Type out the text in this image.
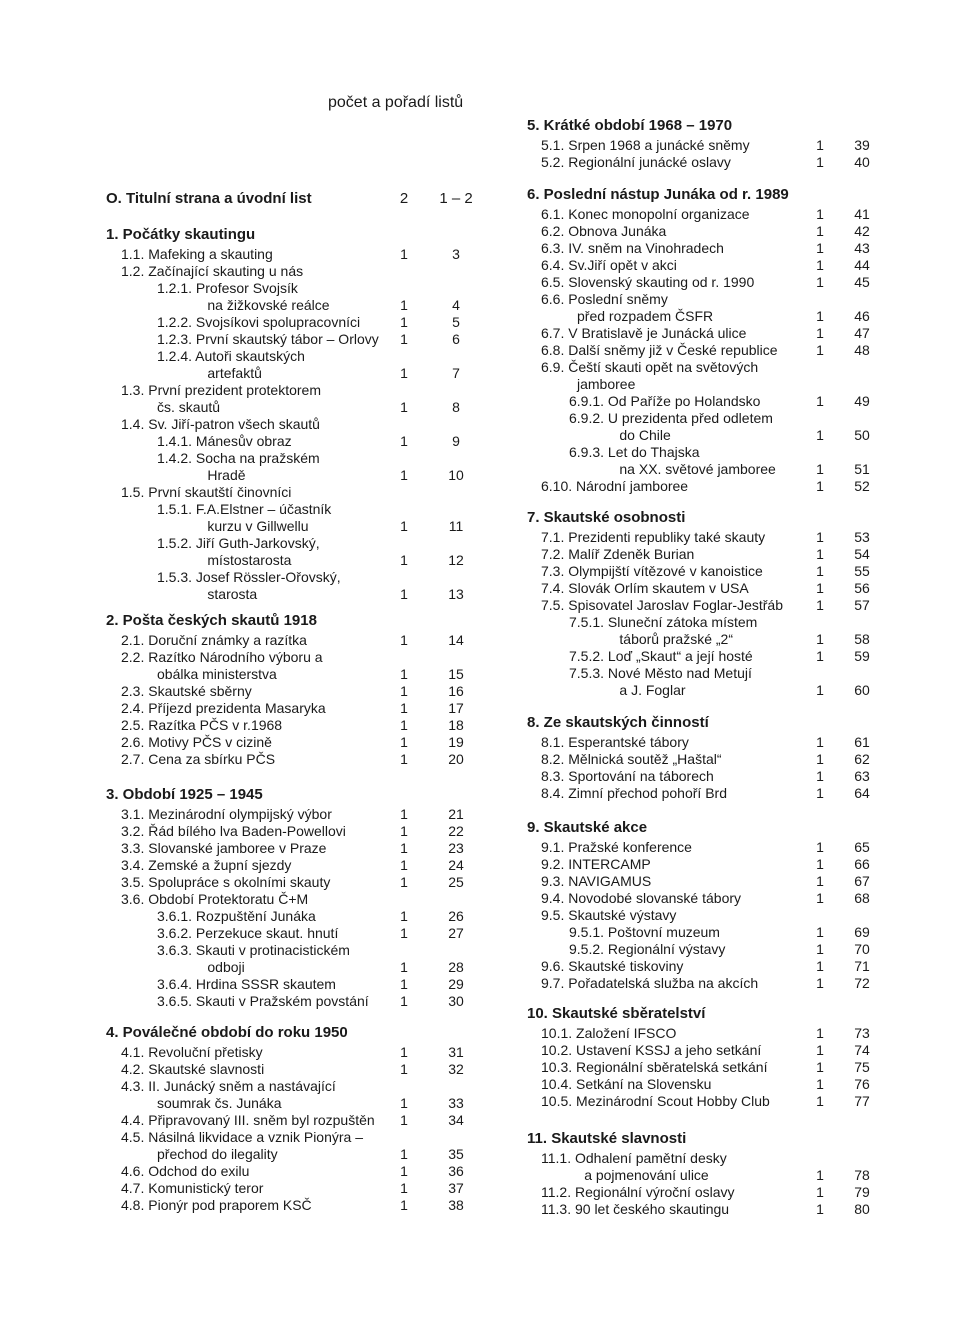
počet a pořadí listů
O. Titulní strana a úvodní list	2	1 – 2
1. Počátky skautingu
1.1. Mafeking a skauting	1	3
1.2. Začínající skauting u nás
1.2.1. Profesor Svojsík
na žižkovské reálce	1	4
1.2.2. Svojsíkovi spolupracovníci	1	5
1.2.3. První skautský tábor – Orlovy	1	6
1.2.4. Autoři skautských
artefaktů	1	7
1.3. První prezident protektorem
čs. skautů	1	8
1.4. Sv. Jiří-patron všech skautů
1.4.1. Mánesův obraz	1	9
1.4.2. Socha na pražském
Hradě	1	10
1.5. První skautští činovníci
1.5.1. F.A.Elstner – účastník
kurzu v Gillwellu	1	11
1.5.2. Jiří Guth-Jarkovský,
místostarosta	1	12
1.5.3. Josef Rössler-Ořovský,
starosta	1	13
2. Pošta českých skautů 1918
2.1. Doruční známky a razítka	1	14
2.2. Razítko Národního výboru a
obálka ministerstva	1	15
2.3. Skautské sběrny	1	16
2.4. Příjezd prezidenta Masaryka	1	17
2.5. Razítka PČS v r.1968	1	18
2.6. Motivy PČS v cizině	1	19
2.7. Cena za sbírku PČS	1	20
3. Období 1925 – 1945
3.1. Mezinárodní olympijský výbor	1	21
3.2. Řád bílého lva Baden-Powellovi	1	22
3.3. Slovanské jamboree v Praze	1	23
3.4. Zemské a župní sjezdy	1	24
3.5. Spolupráce s okolními skauty	1	25
3.6. Období Protektoratu Č+M
3.6.1. Rozpuštění Junáka	1	26
3.6.2. Perzekuce skaut. hnutí	1	27
3.6.3. Skauti v protinacistickém
odboji	1	28
3.6.4. Hrdina SSSR skautem	1	29
3.6.5. Skauti v Pražském povstání	1	30
4. Poválečné období do roku 1950
4.1. Revoluční přetisky	1	31
4.2. Skautské slavnosti	1	32
4.3. II. Junácký sněm a nastávající
soumrak čs. Junáka	1	33
4.4. Připravovaný III. sněm byl rozpuštěn	1	34
4.5. Násilná likvidace a vznik Pionýra –
přechod do ilegality	1	35
4.6. Odchod do exilu	1	36
4.7. Komunistický teror	1	37
4.8. Pionýr pod praporem KSČ	1	38
5. Krátké období 1968 – 1970
5.1. Srpen 1968 a junácké sněmy	1	39
5.2. Regionální junácké oslavy	1	40
6. Poslední nástup Junáka od r. 1989
6.1. Konec monopolní organizace	1	41
6.2. Obnova Junáka	1	42
6.3. IV. sněm na Vinohradech	1	43
6.4. Sv.Jiří opět v akci	1	44
6.5. Slovenský skauting od r. 1990	1	45
6.6. Poslední sněmy
před rozpadem ČSFR	1	46
6.7. V Bratislavě je Junácká ulice	1	47
6.8. Další sněmy již v České republice	1	48
6.9. Čeští skauti opět na světových
jamboree
6.9.1. Od Paříže po Holandsko	1	49
6.9.2. U prezidenta před odletem
do Chile	1	50
6.9.3. Let do Thajska
na XX. světové jamboree	1	51
6.10. Národní jamboree	1	52
7. Skautské osobnosti
7.1. Prezidenti republiky také skauty	1	53
7.2. Malíř Zdeněk Burian	1	54
7.3. Olympijští vítězové v kanoistice	1	55
7.4. Slovák Orlím skautem v USA	1	56
7.5. Spisovatel Jaroslav Foglar-Jestřáb	1	57
7.5.1. Sluneční zátoka místem
táborů pražské „2“	1	58
7.5.2. Loď „Skaut“ a její hosté	1	59
7.5.3. Nové Město nad Metují
a J. Foglar	1	60
8. Ze skautských činností
8.1. Esperantské tábory	1	61
8.2. Mělnická soutěž „Haštal“	1	62
8.3. Sportování na táborech	1	63
8.4. Zimní přechod pohoří Brd	1	64
9. Skautské akce
9.1. Pražské konference	1	65
9.2. INTERCAMP	1	66
9.3. NAVIGAMUS	1	67
9.4. Novodobé slovanské tábory	1	68
9.5. Skautské výstavy
9.5.1. Poštovní muzeum	1	69
9.5.2. Regionální výstavy	1	70
9.6. Skautské tiskoviny	1	71
9.7. Pořadatelská služba na akcích	1	72
10. Skautské sběratelství
10.1. Založení IFSCO	1	73
10.2. Ustavení KSSJ a jeho setkání	1	74
10.3. Regionální sběratelská setkání	1	75
10.4. Setkání na Slovensku	1	76
10.5. Mezinárodní Scout Hobby Club	1	77
11. Skautské slavnosti
11.1. Odhalení pamětní desky
a pojmenování ulice	1	78
11.2. Regionální výroční oslavy	1	79
11.3. 90 let českého skautingu	1	80
